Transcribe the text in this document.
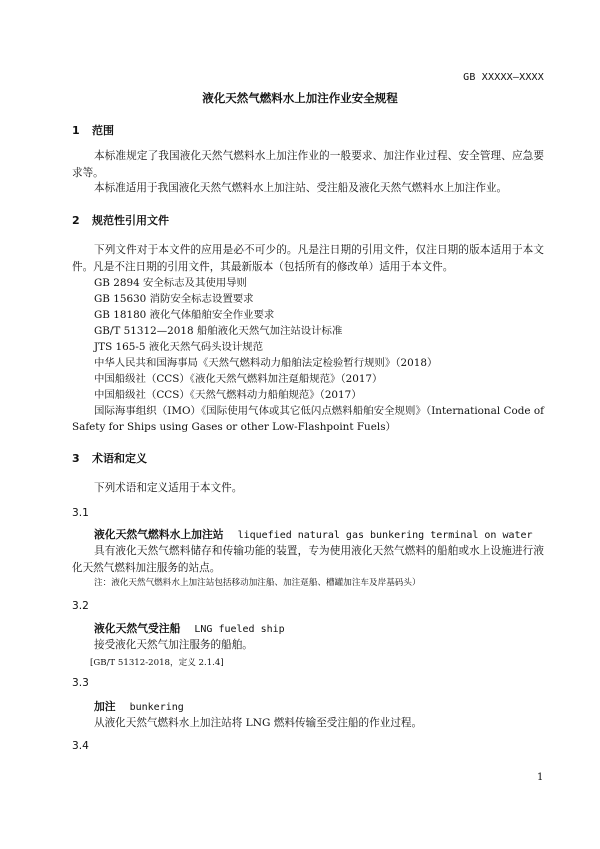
GB XXXXX—XXXX
液化天然气燃料水上加注作业安全规程
1 范围
本标准规定了我国液化天然气燃料水上加注作业的一般要求、加注作业过程、安全管理、应急要求等。
本标准适用于我国液化天然气燃料水上加注站、受注船及液化天然气燃料水上加注作业。
2 规范性引用文件
下列文件对于本文件的应用是必不可少的。凡是注日期的引用文件，仅注日期的版本适用于本文件。凡是不注日期的引用文件，其最新版本（包括所有的修改单）适用于本文件。
GB 2894 安全标志及其使用导则
GB 15630 消防安全标志设置要求
GB 18180 液化气体船舶安全作业要求
GB/T 51312—2018 船舶液化天然气加注站设计标准
JTS 165-5 液化天然气码头设计规范
中华人民共和国海事局《天然气燃料动力船舶法定检验暂行规则》（2018）
中国船级社（CCS）《液化天然气燃料加注趸船规范》（2017）
中国船级社（CCS）《天然气燃料动力船舶规范》（2017）
国际海事组织（IMO）《国际使用气体或其它低闪点燃料船舶安全规则》（International Code of Safety for Ships using Gases or other Low-Flashpoint Fuels）
3 术语和定义
下列术语和定义适用于本文件。
3.1
液化天然气燃料水上加注站 liquefied natural gas bunkering terminal on water
具有液化天然气燃料储存和传输功能的装置，专为使用液化天然气燃料的船舶或水上设施进行液化天然气燃料加注服务的站点。
注：液化天然气燃料水上加注站包括移动加注船、加注趸船、槽罐加注车及岸基码头）
3.2
液化天然气受注船 LNG fueled ship
接受液化天然气加注服务的船舶。
[GB/T 51312-2018，定义 2.1.4]
3.3
加注 bunkering
从液化天然气燃料水上加注站将 LNG 燃料传输至受注船的作业过程。
3.4
1
